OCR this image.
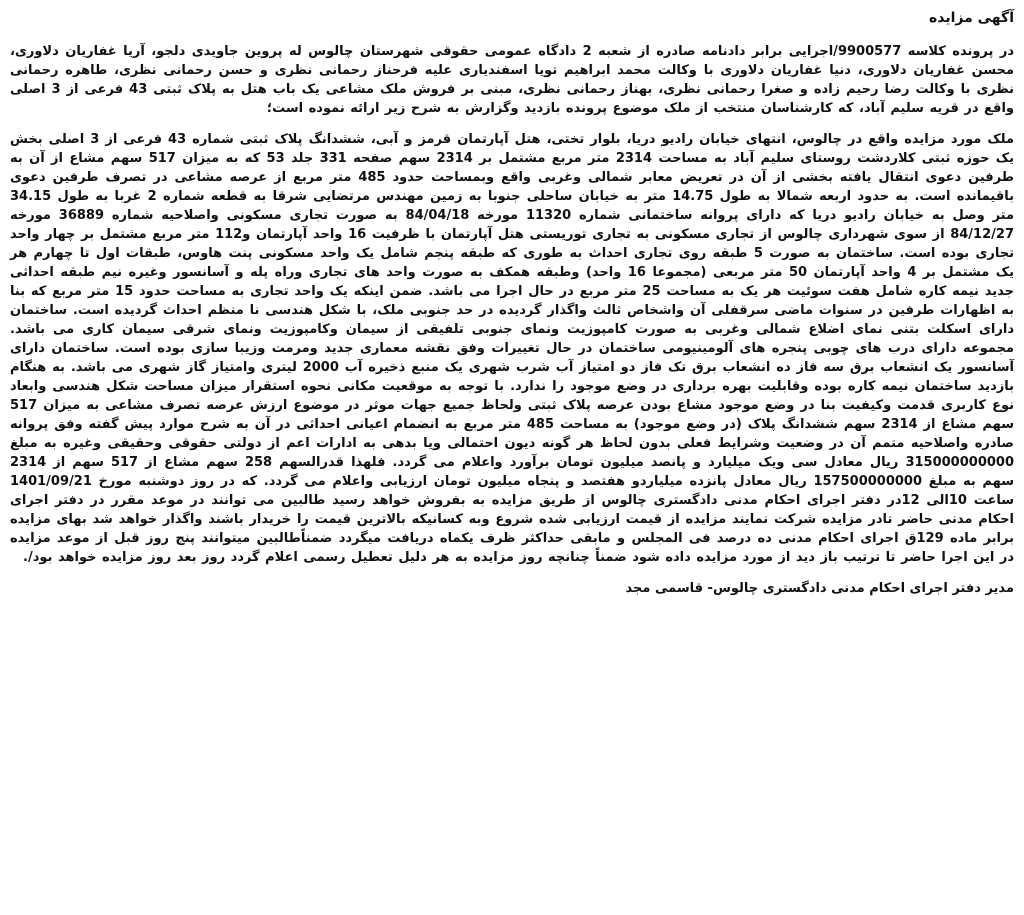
آگهی مزایده

در پرونده کلاسه 9900577/اجرایی برابر دادنامه صادره از شعبه 2 دادگاه عمومی حقوقی شهرستان چالوس له پروین جاویدی دلجو، آریا غفاریان دلاوری، محسن غفاریان دلاوری، دنیا غفاریان دلاوری با وکالت محمد ابراهیم تویا اسفندیاری علیه فرحناز رحمانی نظری و حسن رحمانی نظری، طاهره رحمانی نظری با وکالت رضا رحیم زاده و صغرا رحمانی نظری، بهناز رحمانی نظری، مبنی بر فروش ملک مشاعی یک باب هتل به پلاک ثبتی 43 فرعی از 3 اصلی واقع در قریه سلیم آباد، که کارشناسان منتخب از ملک موضوع پرونده بازدید وگزارش به شرح زیر ارائه نموده است؛

ملک مورد مزایده واقع در چالوس، انتهای خیابان رادیو دریا، بلوار تختی، هتل آپارتمان قرمز و آبی، ششدانگ پلاک ثبتی شماره 43 فرعی از 3 اصلی بخش یک حوزه ثبتی کلاردشت روستای سلیم آباد به مساحت 2314 متر مربع مشتمل بر 2314 سهم صفحه 331 جلد 53 که به میزان 517 سهم مشاع از آن به طرفین دعوی انتقال یافته بخشی از آن در تعریض معابر شمالی وغربی واقع وبمساحت حدود 485 متر مربع از عرصه مشاعی در تصرف طرفین دعوی باقیمانده است. به حدود اربعه شمالا به طول 14.75 متر به خیابان ساحلی جنوبا به زمین مهندس مرتضایی شرقا به قطعه شماره 2 غربا به طول 34.15 متر وصل به خیابان رادیو دریا که دارای پروانه ساختمانی شماره 11320 مورخه 84/04/18 به صورت تجاری مسکونی واصلاحیه شماره 36889 مورخه 84/12/27 از سوی شهرداری چالوس از تجاری مسکونی به تجاری توریستی هتل آپارتمان با ظرفیت 16 واحد آپارتمان و112 متر مربع مشتمل بر چهار واحد تجاری بوده است. ساختمان به صورت 5 طبقه روی تجاری احداث به طوری که طبقه پنجم شامل یک واحد مسکونی پنت هاوس، طبقات اول تا چهارم هر یک مشتمل بر 4 واحد آپارتمان 50 متر مربعی (مجموعا 16 واحد) وطبقه همکف به صورت واحد های تجاری وراه پله و آسانسور وغیره نیم طبقه احداثی جدید نیمه کاره شامل هفت سوئیت هر یک به مساحت 25 متر مربع در حال اجرا می باشد. ضمن اینکه یک واحد تجاری به مساحت حدود 15 متر مربع که بنا به اظهارات طرفین در سنوات ماضی سرقفلی آن واشخاص ثالث واگذار گردیده در حد جنوبی ملک، با شکل هندسی نا منظم احداث گردیده است. ساختمان دارای اسکلت بتنی نمای اضلاع شمالی وغربی به صورت کامپوزیت ونمای جنوبی تلفیقی از سیمان وکامپوزیت ونمای شرقی سیمان کاری می باشد. مجموعه دارای درب های چوبی پنجره های آلومینیومی ساختمان در حال تغییرات وفق نقشه معماری جدید ومرمت وزیبا سازی بوده است. ساختمان دارای آسانسور یک انشعاب برق سه فاز ده انشعاب برق تک فاز دو امتیاز آب شرب شهری یک منبع ذخیره آب 2000 لیتری وامتیاز گاز شهری می باشد. به هنگام بازدید ساختمان نیمه کاره بوده وقابلیت بهره برداری در وضع موجود را ندارد. با توجه به موقعیت مکانی نحوه استقرار میزان مساحت شکل هندسی وابعاد نوع کاربری قدمت وکیفیت بنا در وضع موجود مشاع بودن عرصه پلاک ثبتی ولحاظ جمیع جهات موثر در موضوع ارزش عرصه تصرف مشاعی به میزان 517 سهم مشاع از 2314 سهم ششدانگ پلاک (در وضع موجود) به مساحت 485 متر مربع به انضمام اعیانی احداثی در آن به شرح موارد پیش گفته وفق پروانه صادره واصلاحیه متمم آن در وضعیت وشرایط فعلی بدون لحاظ هر گونه دیون احتمالی ویا بدهی به ادارات اعم از دولتی حقوقی وحقیقی وغیره به مبلغ 315000000000 ریال معادل سی ویک میلیارد و پانصد میلیون تومان برآورد واعلام می گردد. فلهذا قدرالسهم 258 سهم مشاع از 517 سهم از 2314 سهم به مبلغ 157500000000 ریال معادل پانزده میلیاردو هفتصد و پنجاه میلیون تومان ارزیابی واعلام می گردد. که در روز دوشنبه مورخ 1401/09/21 ساعت 10الی 12در دفتر اجرای احکام مدنی دادگستری چالوس از طریق مزایده به بفروش خواهد رسید طالبین می توانند در موعد مقرر در دفتر اجرای احکام مدنی حاضر تادر مزایده شرکت نمایند مزایده از قیمت ارزیابی شده شروع وبه کسانیکه بالاترین قیمت را خریدار باشند واگذار خواهد شد بهای مزایده برابر ماده 129ق اجرای احکام مدنی ده درصد فی المجلس و مابقی حداکثر ظرف یکماه دریافت میگردد ضمناًطالبین میتوانند پنج روز قبل از موعد مزایده در این اجرا حاضر تا ترتیب باز دید از مورد مزایده داده شود ضمناً چنانچه روز مزایده به هر دلیل تعطیل رسمی اعلام گردد روز بعد روز مزایده خواهد بود/.

مدیر دفتر اجرای احکام مدنی دادگستری چالوس- قاسمی مجد
